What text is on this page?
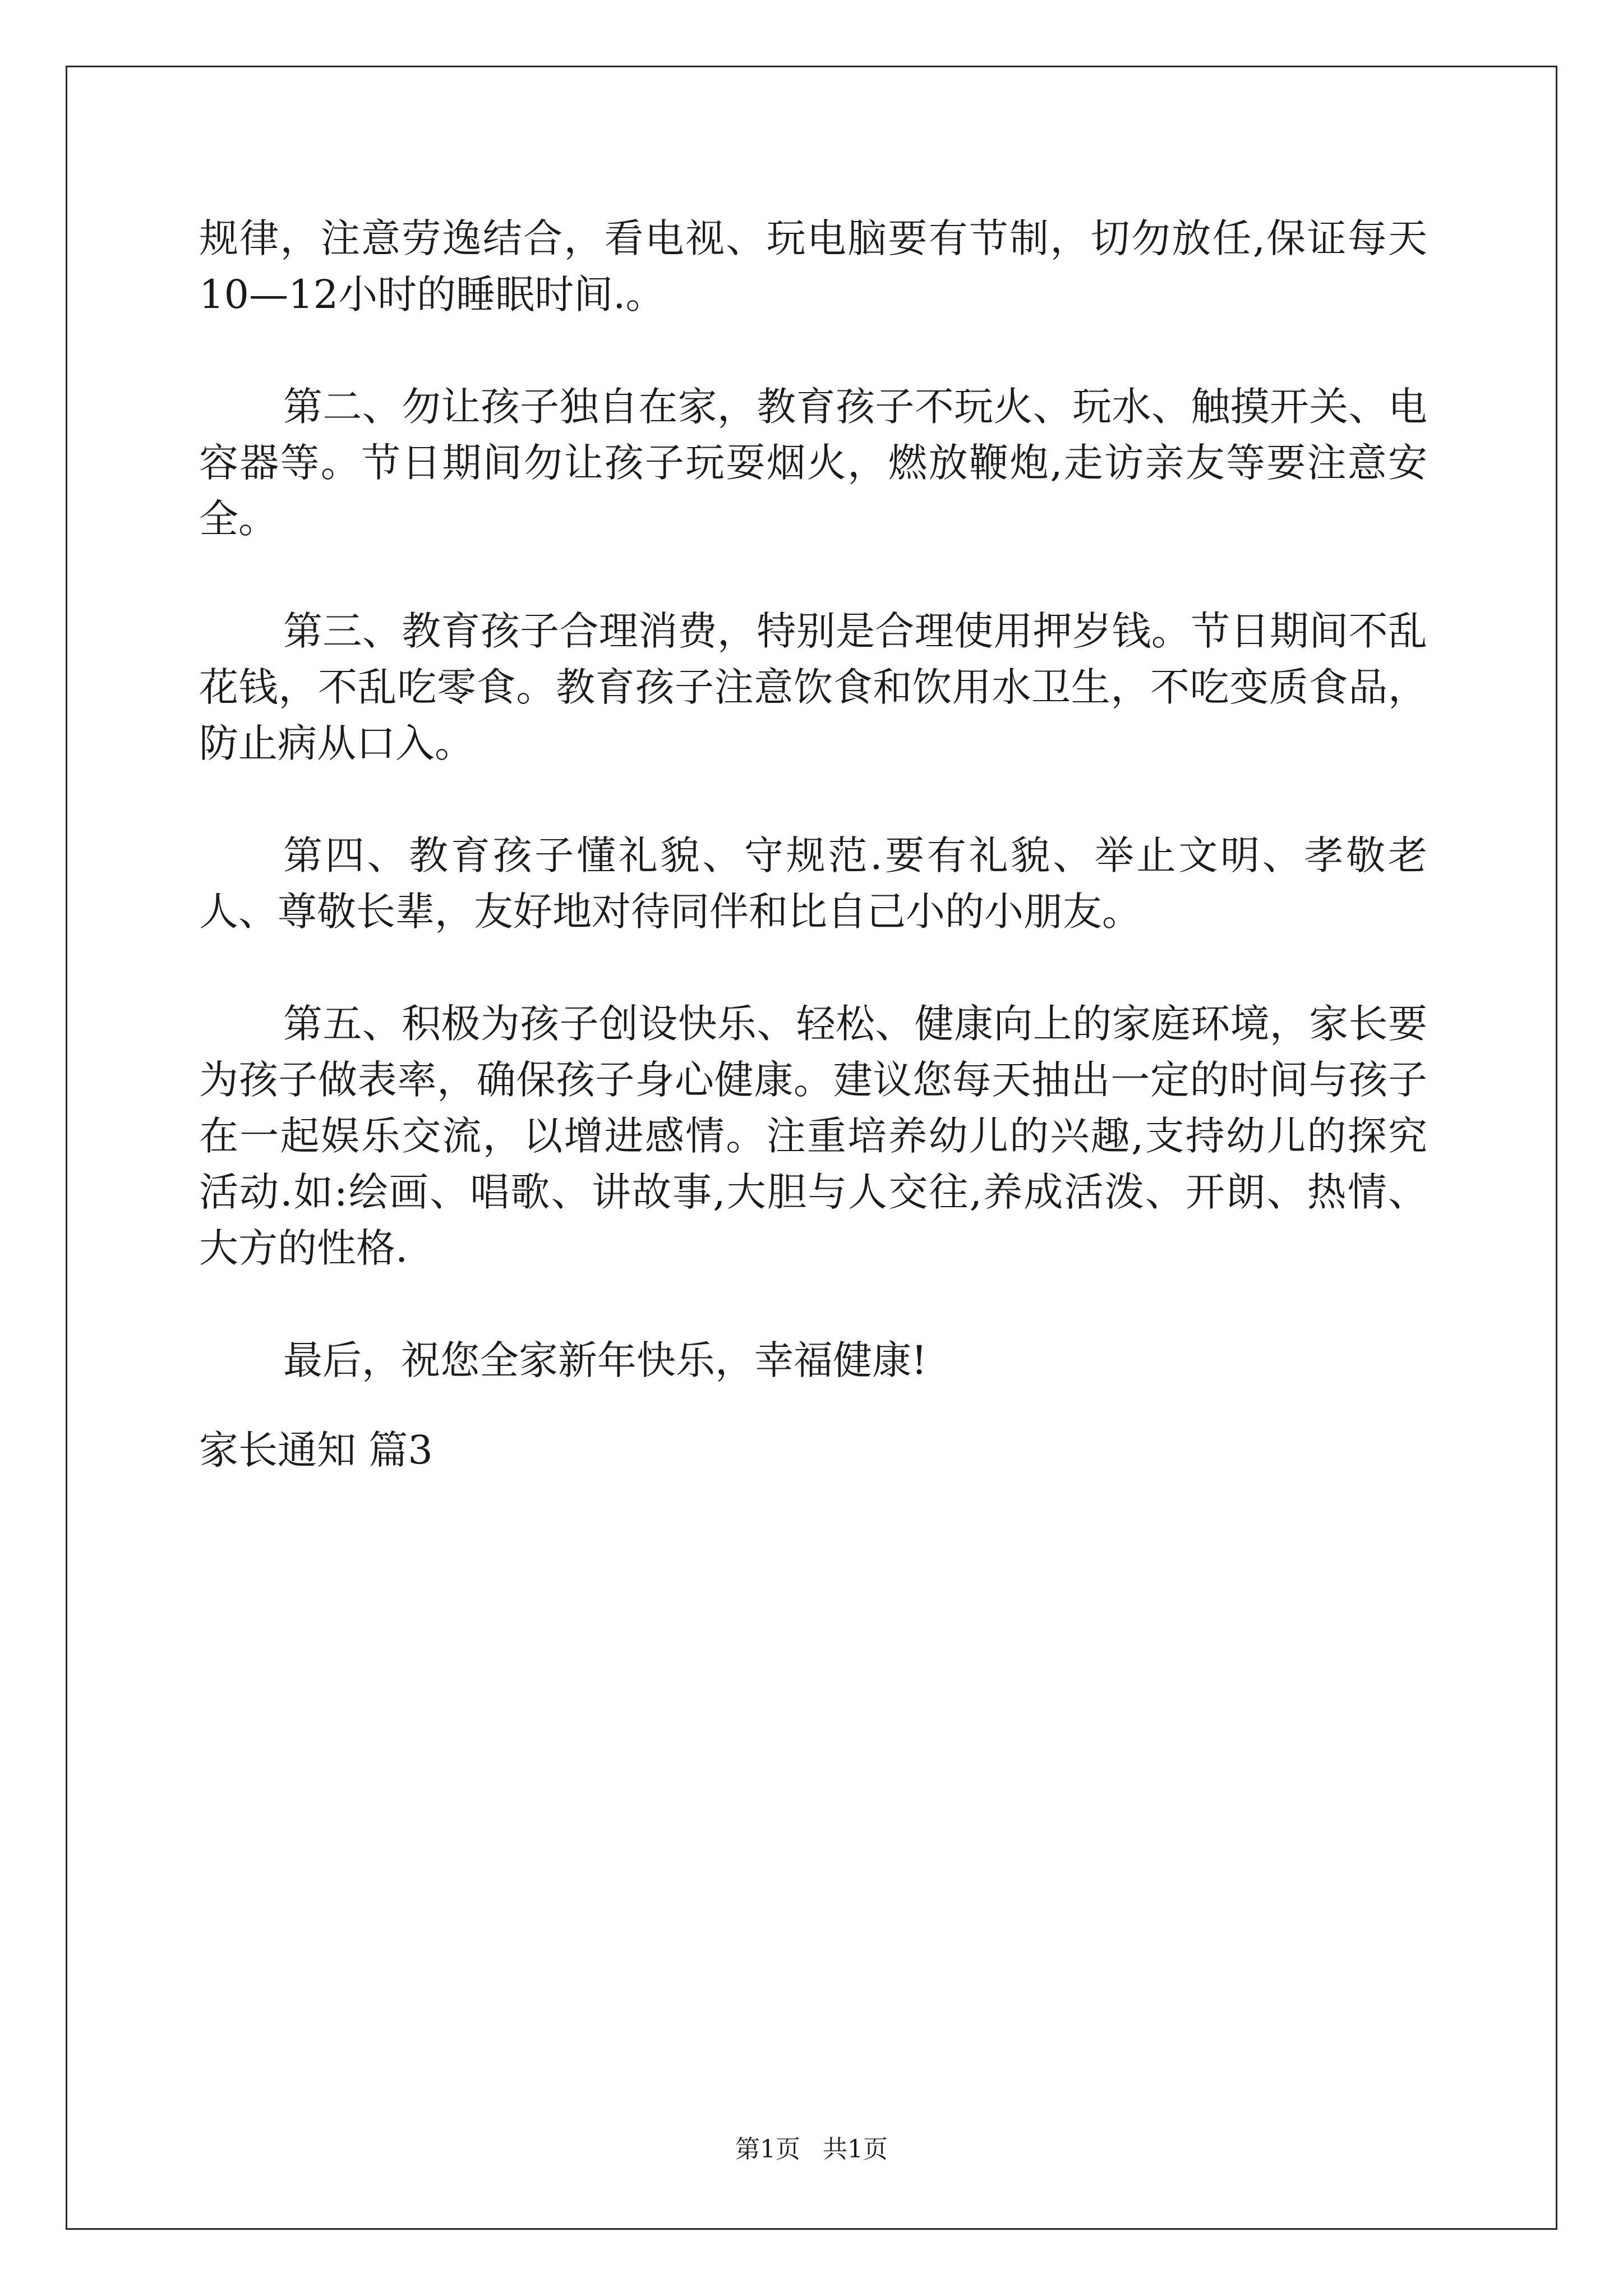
规律，注意劳逸结合，看电视、玩电脑要有节制，切勿放任,保证每天10—12小时的睡眠时间.。

第二、勿让孩子独自在家，教育孩子不玩火、玩水、触摸开关、电容器等。节日期间勿让孩子玩耍烟火，燃放鞭炮,走访亲友等要注意安全。

第三、教育孩子合理消费，特别是合理使用押岁钱。节日期间不乱花钱，不乱吃零食。教育孩子注意饮食和饮用水卫生，不吃变质食品，防止病从口入。

第四、教育孩子懂礼貌、守规范.要有礼貌、举止文明、孝敬老人、尊敬长辈，友好地对待同伴和比自己小的小朋友。

第五、积极为孩子创设快乐、轻松、健康向上的家庭环境，家长要为孩子做表率，确保孩子身心健康。建议您每天抽出一定的时间与孩子在一起娱乐交流，以增进感情。注重培养幼儿的兴趣,支持幼儿的探究活动.如:绘画、唱歌、讲故事,大胆与人交往,养成活泼、开朗、热情、大方的性格.

最后，祝您全家新年快乐，幸福健康!

家长通知 篇3

第1页 共1页
